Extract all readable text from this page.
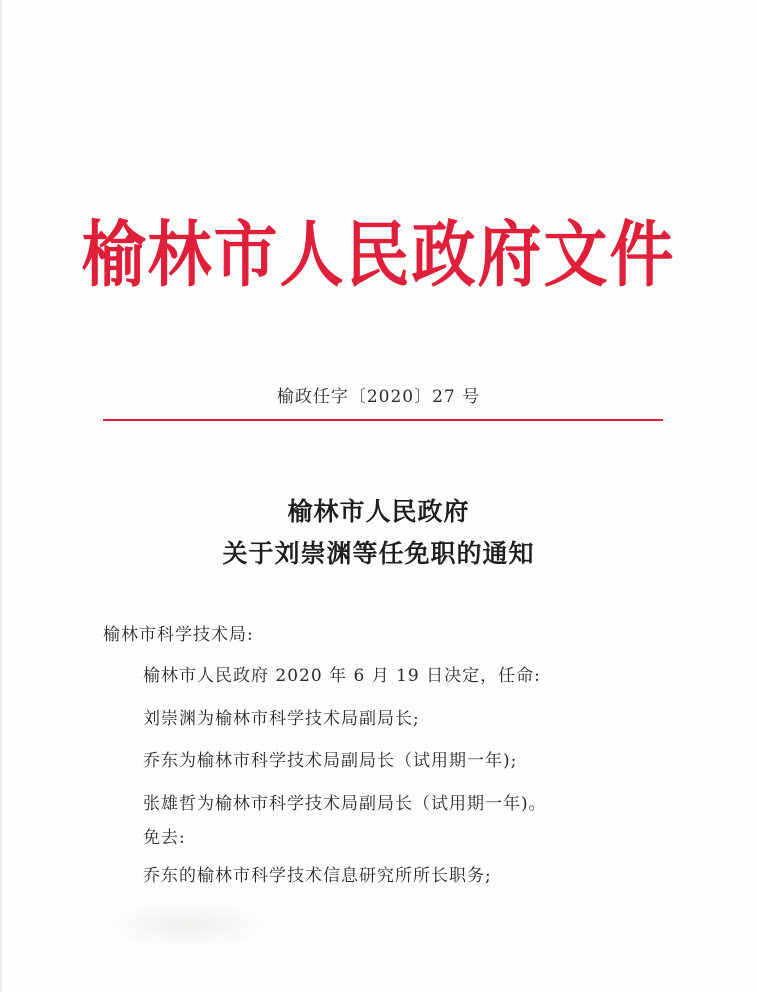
榆林市人民政府文件
榆政任字〔2020〕27 号
榆林市人民政府
关于刘崇渊等任免职的通知
榆林市科学技术局:
榆林市人民政府 2020 年 6 月 19 日决定，任命:
刘崇渊为榆林市科学技术局副局长;
乔东为榆林市科学技术局副局长（试用期一年);
张雄哲为榆林市科学技术局副局长（试用期一年)。
免去:
乔东的榆林市科学技术信息研究所所长职务;
